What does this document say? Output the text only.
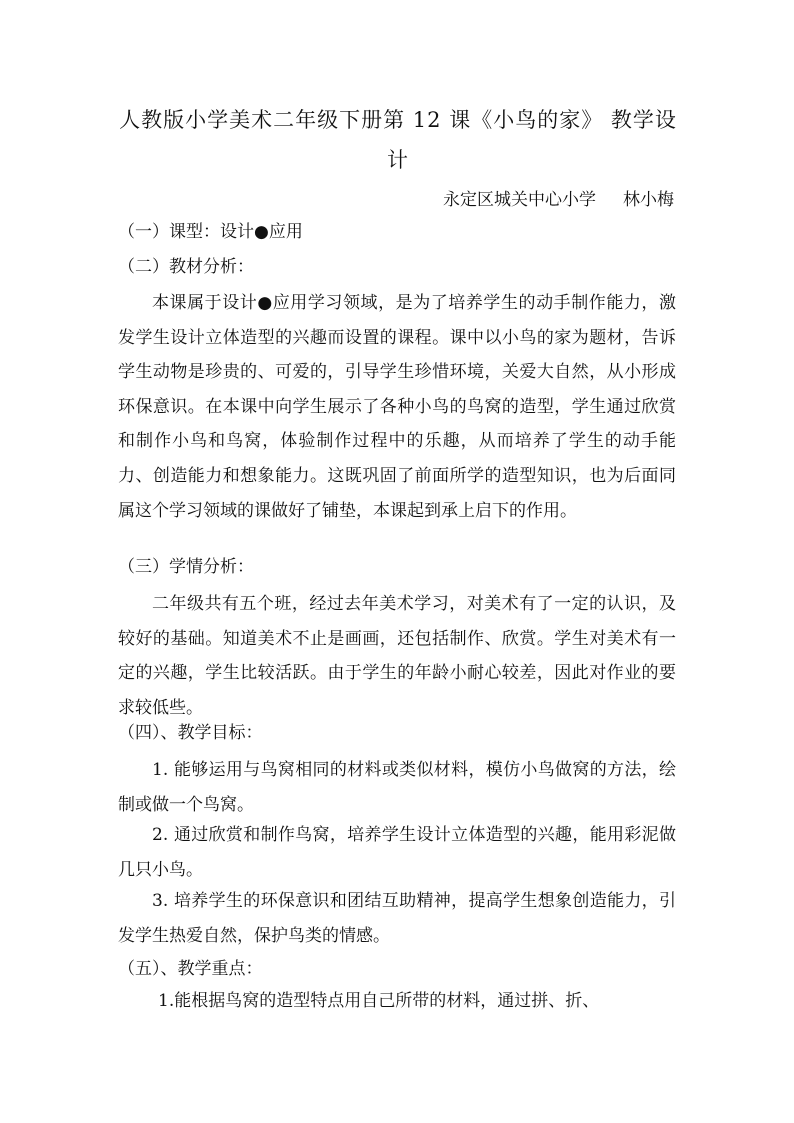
人教版小学美术二年级下册第 12 课《小鸟的家》 教学设计
永定区城关中心小学     林小梅

（一）课型：设计●应用

（二）教材分析：

本课属于设计●应用学习领域，是为了培养学生的动手制作能力，激发学生设计立体造型的兴趣而设置的课程。课中以小鸟的家为题材，告诉学生动物是珍贵的、可爱的，引导学生珍惜环境，关爱大自然，从小形成环保意识。在本课中向学生展示了各种小鸟的鸟窝的造型，学生通过欣赏和制作小鸟和鸟窝，体验制作过程中的乐趣，从而培养了学生的动手能力、创造能力和想象能力。这既巩固了前面所学的造型知识，也为后面同属这个学习领域的课做好了铺垫，本课起到承上启下的作用。

（三）学情分析：

二年级共有五个班，经过去年美术学习，对美术有了一定的认识，及较好的基础。知道美术不止是画画，还包括制作、欣赏。学生对美术有一定的兴趣，学生比较活跃。由于学生的年龄小耐心较差，因此对作业的要求较低些。

（四）、教学目标：

1. 能够运用与鸟窝相同的材料或类似材料，模仿小鸟做窝的方法，绘制或做一个鸟窝。

2. 通过欣赏和制作鸟窝，培养学生设计立体造型的兴趣，能用彩泥做几只小鸟。

3. 培养学生的环保意识和团结互助精神，提高学生想象创造能力，引发学生热爱自然，保护鸟类的情感。

（五）、教学重点：

1.能根据鸟窝的造型特点用自己所带的材料，通过拼、折、
